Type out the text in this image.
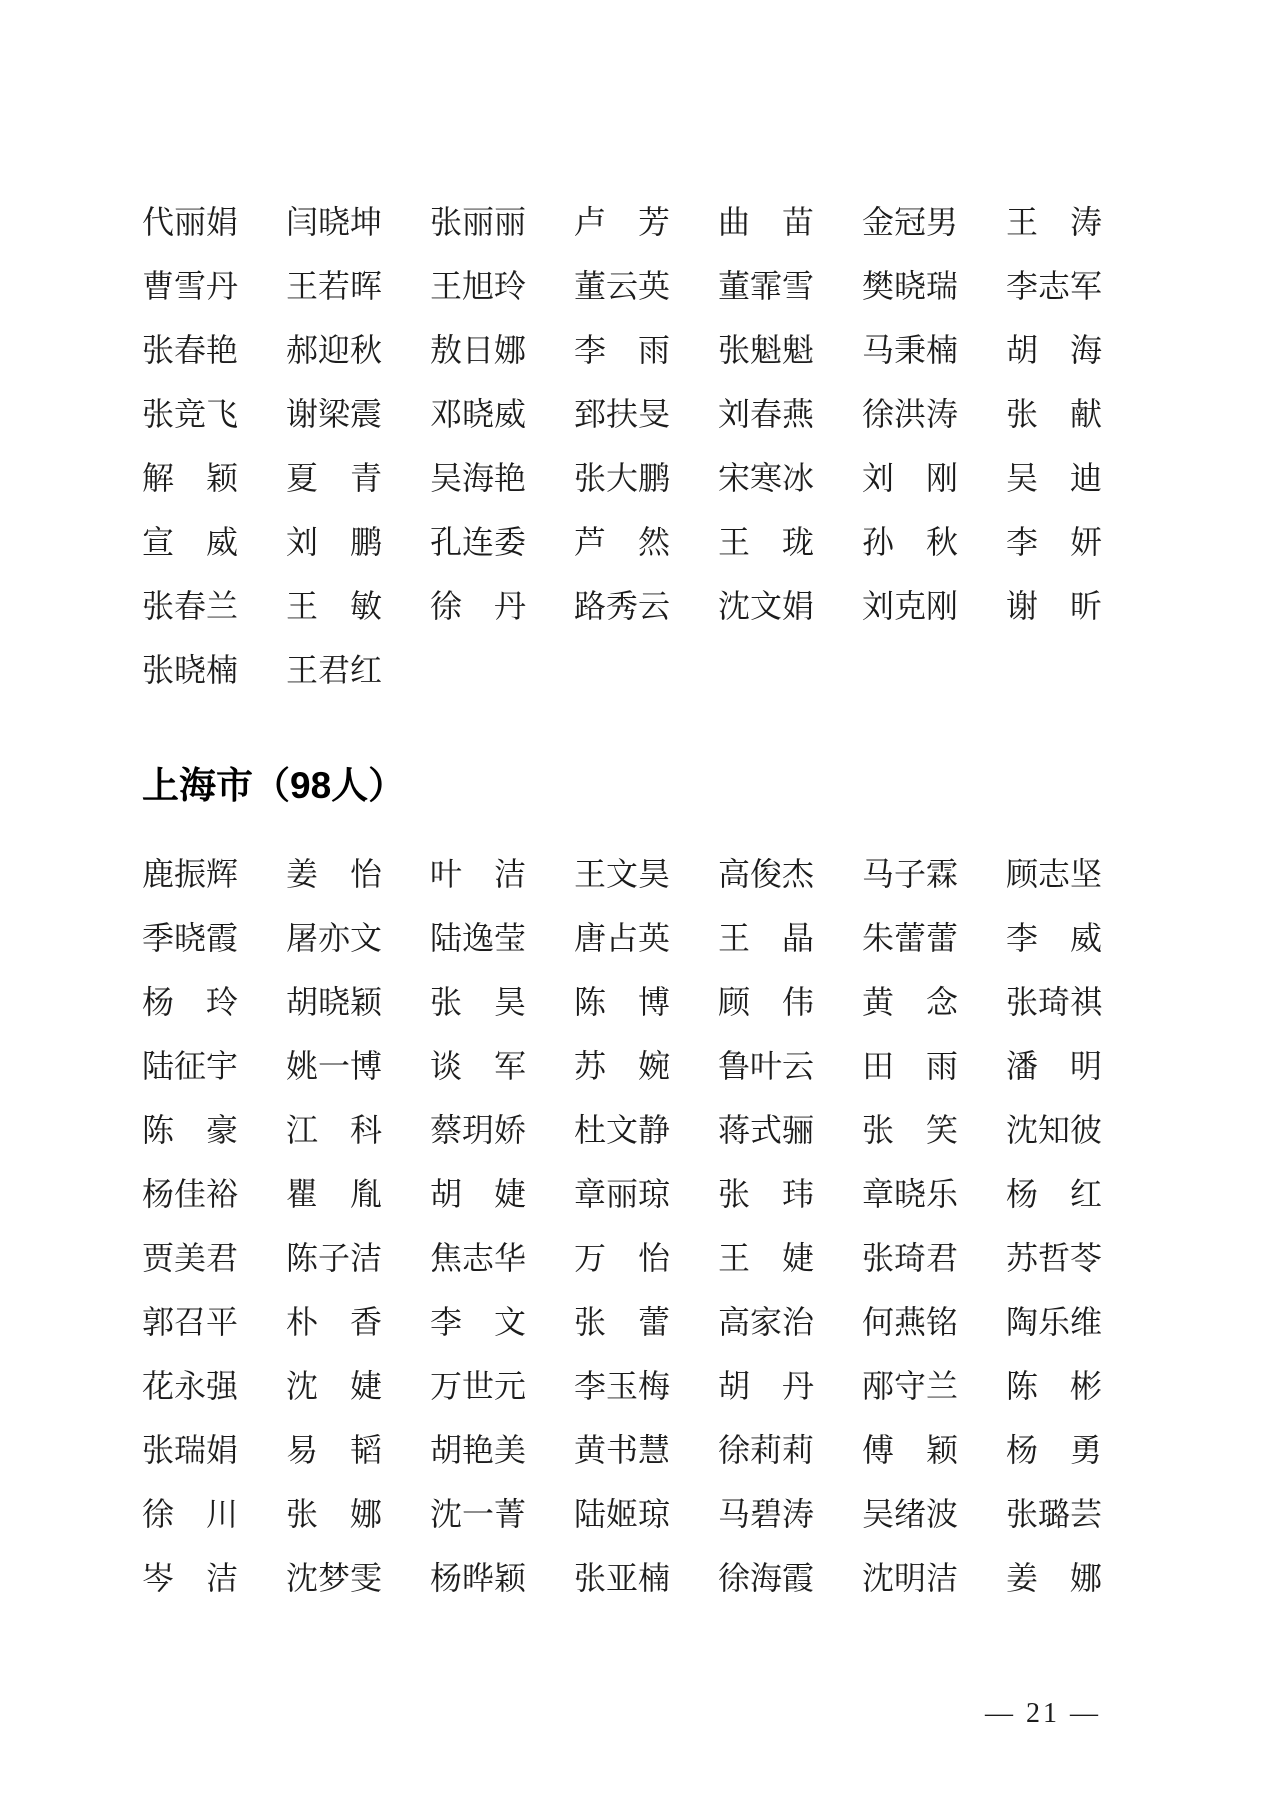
代丽娟 闫晓坤 张丽丽 卢　芳 曲　苗 金冠男 王　涛
曹雪丹 王若晖 王旭玲 董云英 董霏雪 樊晓瑞 李志军
张春艳 郝迎秋 敖日娜 李　雨 张魁魁 马秉楠 胡　海
张竞飞 谢梁震 邓晓威 郅扶旻 刘春燕 徐洪涛 张　献
解　颖 夏　青 吴海艳 张大鹏 宋寒冰 刘　刚 吴　迪
宣　威 刘　鹏 孔连委 芦　然 王　珑 孙　秋 李　妍
张春兰 王　敏 徐　丹 路秀云 沈文娟 刘克刚 谢　昕
张晓楠 王君红
上海市（98人）
鹿振辉 姜　怡 叶　洁 王文昊 高俊杰 马子霖 顾志坚
季晓霞 屠亦文 陆逸莹 唐占英 王　晶 朱蕾蕾 李　威
杨　玲 胡晓颖 张　昊 陈　博 顾　伟 黄　念 张琦祺
陆征宇 姚一博 谈　军 苏　婉 鲁叶云 田　雨 潘　明
陈　豪 江　科 蔡玥娇 杜文静 蒋式骊 张　笑 沈知彼
杨佳裕 瞿　胤 胡　婕 章丽琼 张　玮 章晓乐 杨　红
贾美君 陈子洁 焦志华 万　怡 王　婕 张琦君 苏哲苓
郭召平 朴　香 李　文 张　蕾 高家治 何燕铭 陶乐维
花永强 沈　婕 万世元 李玉梅 胡　丹 邴守兰 陈　彬
张瑞娟 易　韬 胡艳美 黄书慧 徐莉莉 傅　颖 杨　勇
徐　川 张　娜 沈一菁 陆姬琼 马碧涛 吴绪波 张璐芸
岑　洁 沈梦雯 杨晔颖 张亚楠 徐海霞 沈明洁 姜　娜
— 21 —
